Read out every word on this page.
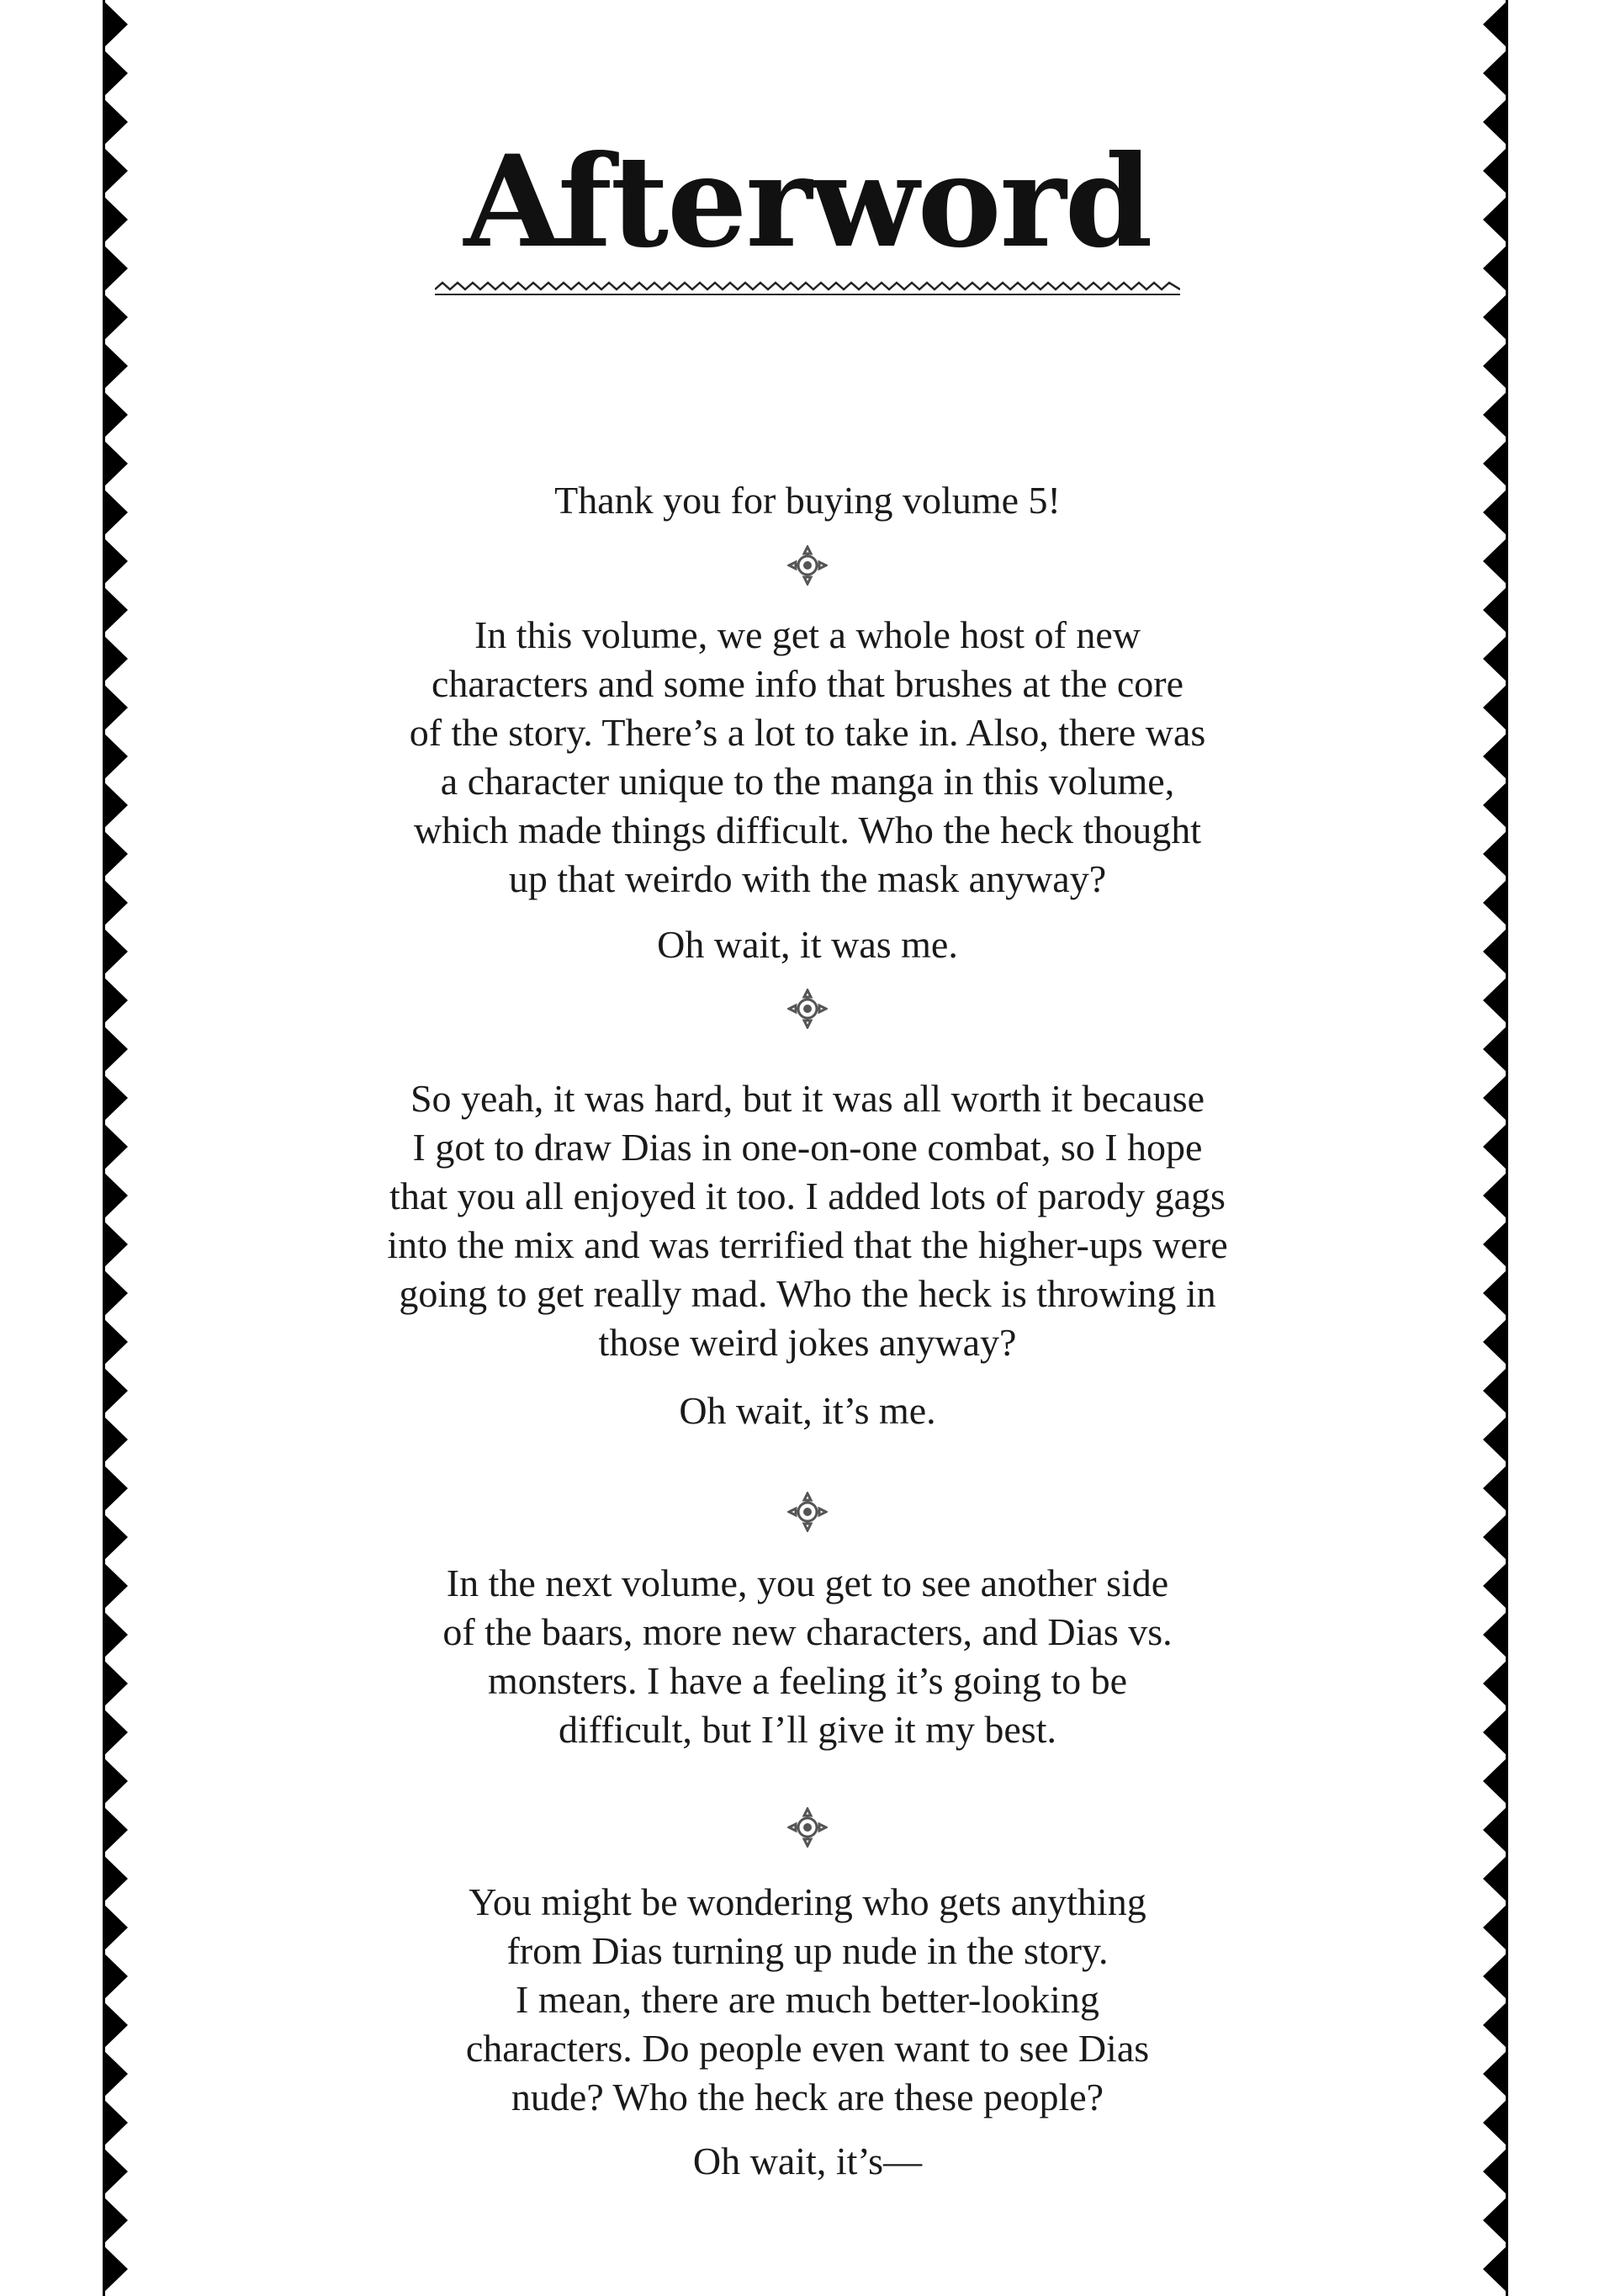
Afterword

Thank you for buying volume 5!

In this volume, we get a whole host of new
characters and some info that brushes at the core
of the story. There’s a lot to take in. Also, there was
a character unique to the manga in this volume,
which made things difficult. Who the heck thought
up that weirdo with the mask anyway?

Oh wait, it was me.

So yeah, it was hard, but it was all worth it because
I got to draw Dias in one-on-one combat, so I hope
that you all enjoyed it too. I added lots of parody gags
into the mix and was terrified that the higher-ups were
going to get really mad. Who the heck is throwing in
those weird jokes anyway?

Oh wait, it’s me.

In the next volume, you get to see another side
of the baars, more new characters, and Dias vs.
monsters. I have a feeling it’s going to be
difficult, but I’ll give it my best.

You might be wondering who gets anything
from Dias turning up nude in the story.
I mean, there are much better-looking
characters. Do people even want to see Dias
nude? Who the heck are these people?

Oh wait, it’s—
